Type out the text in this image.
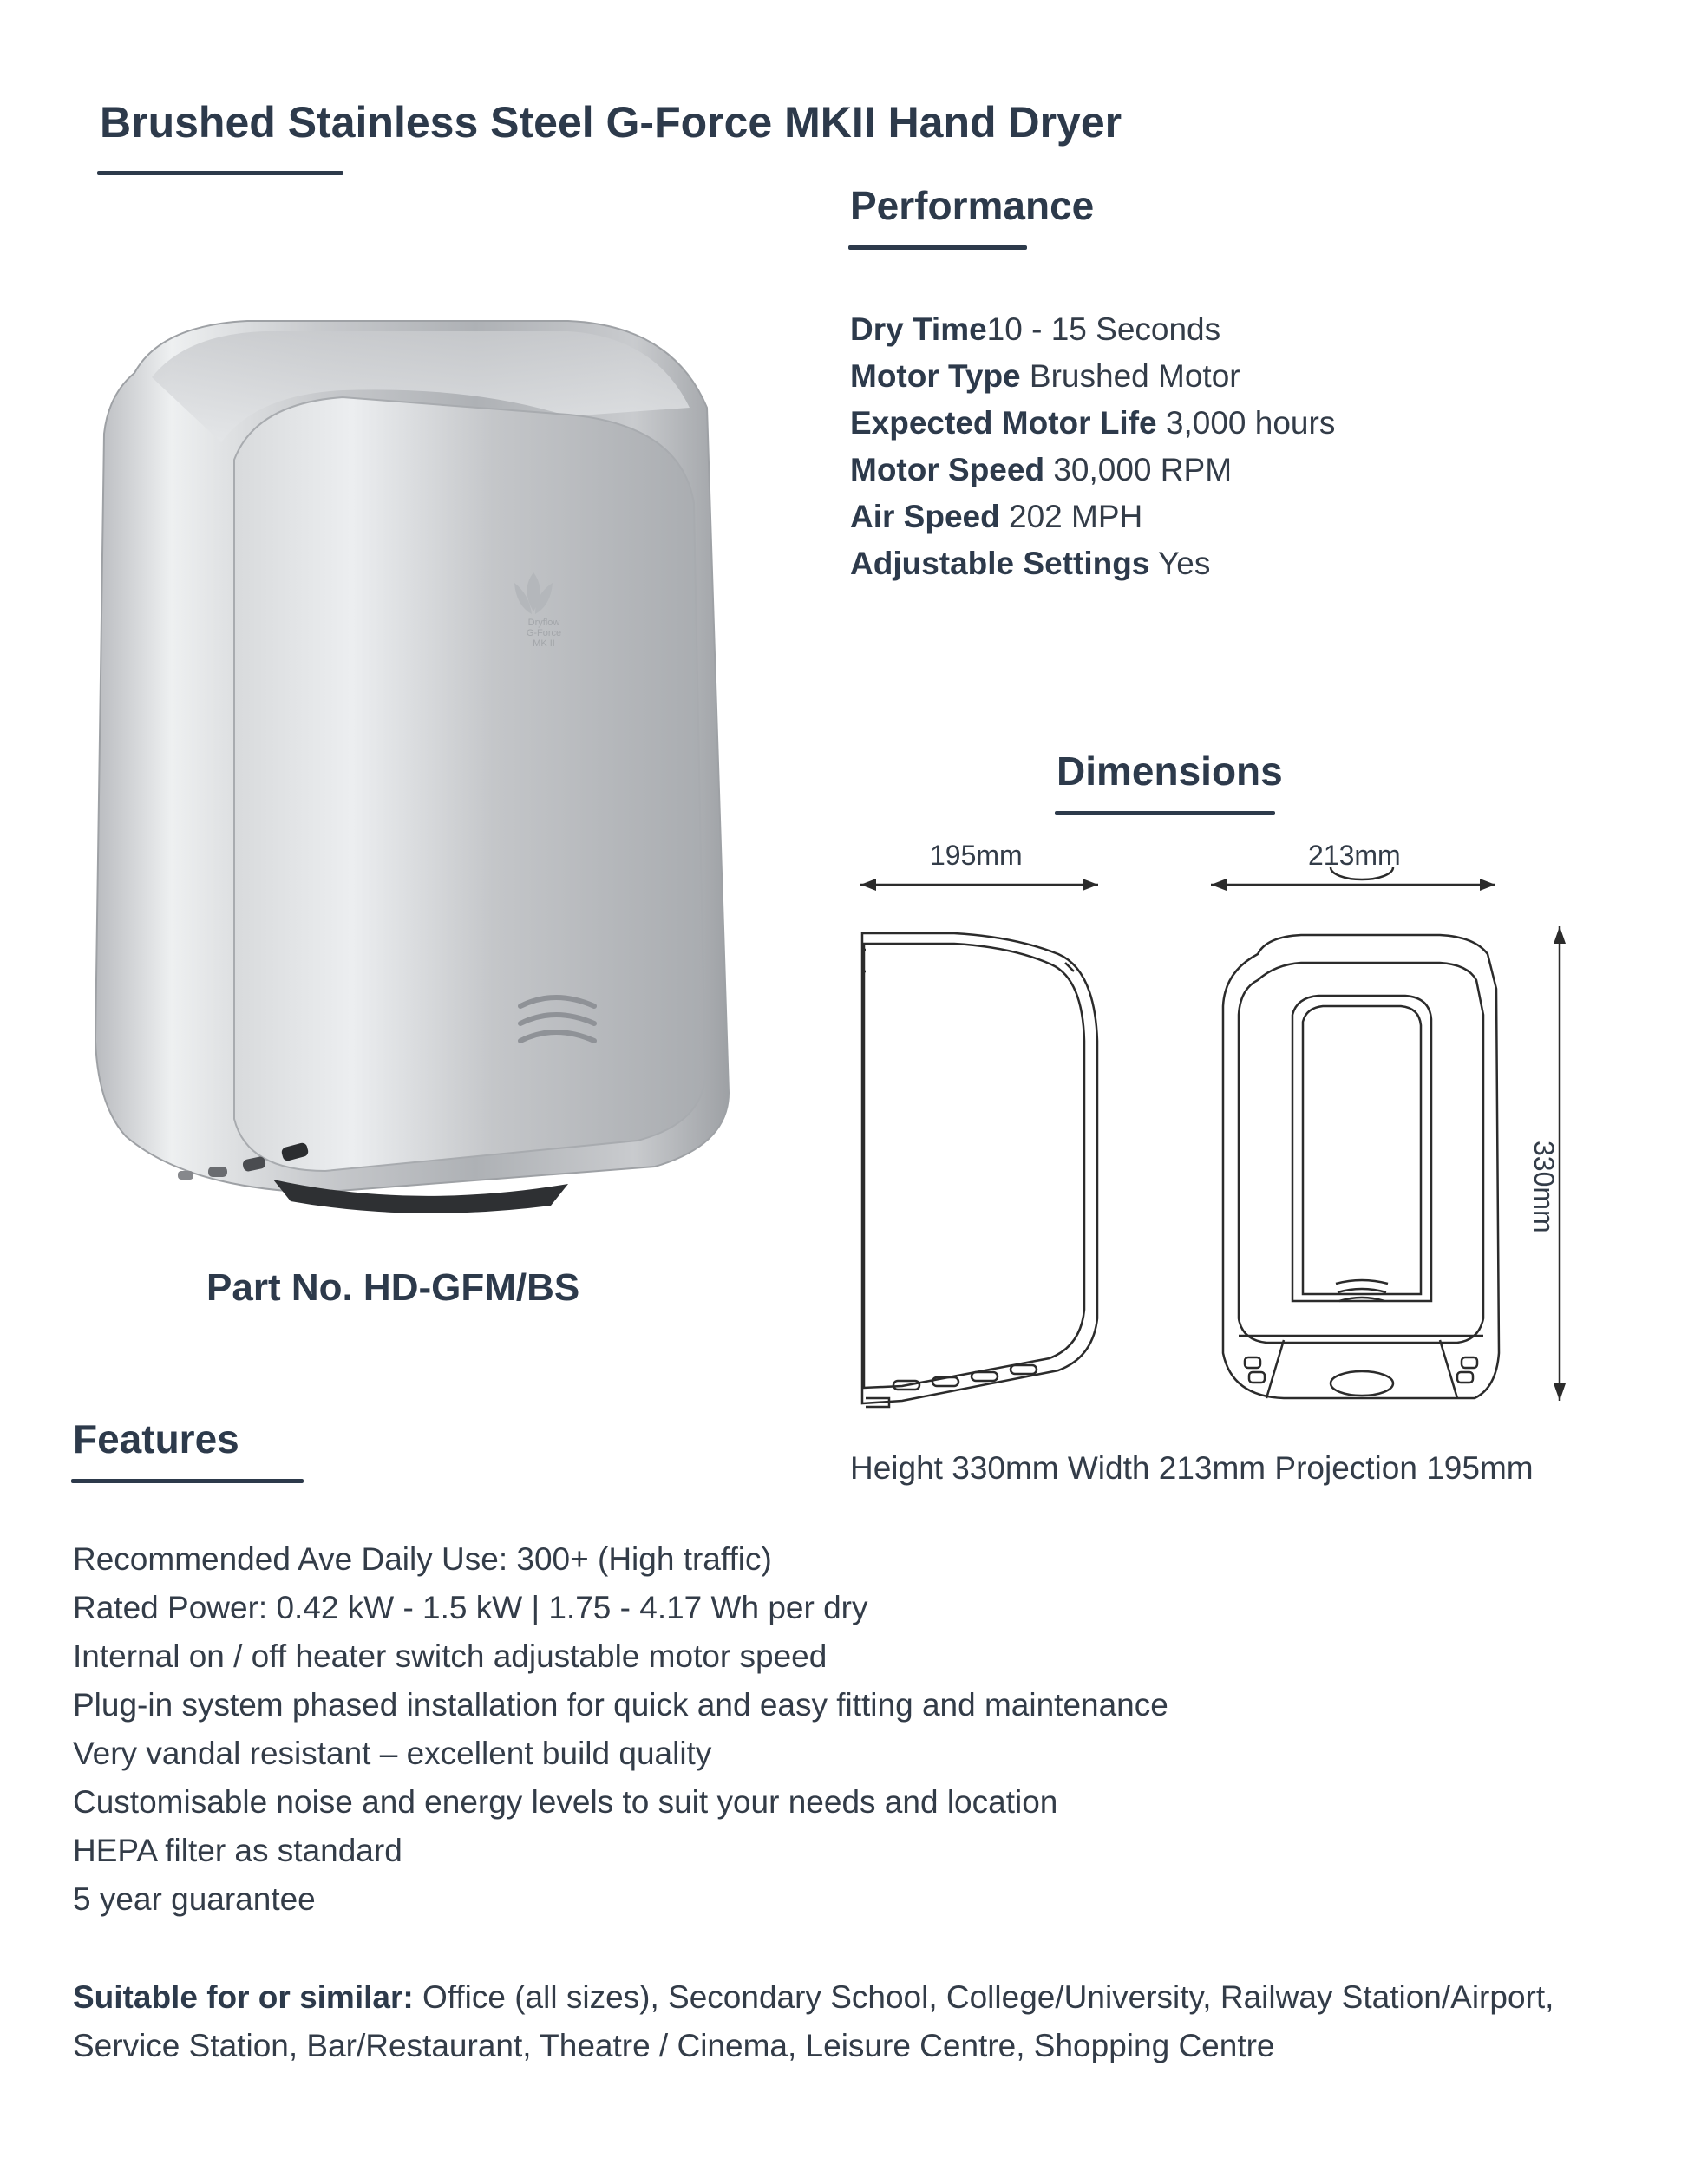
Brushed Stainless Steel G-Force MKII Hand Dryer
Dryflow
G-Force
MK II
Part No. HD-GFM/BS
Performance
Dry Time10 - 15 Seconds
Motor Type Brushed Motor
Expected Motor Life 3,000 hours
Motor Speed 30,000 RPM
Air Speed 202 MPH
Adjustable Settings Yes
Dimensions
195mm	213mm
330mm
Height 330mm Width 213mm Projection 195mm
Features
Recommended Ave Daily Use: 300+ (High traffic)
Rated Power: 0.42 kW - 1.5 kW | 1.75 - 4.17 Wh per dry
Internal on / off heater switch adjustable motor speed
Plug-in system phased installation for quick and easy fitting and maintenance
Very vandal resistant – excellent build quality
Customisable noise and energy levels to suit your needs and location
HEPA filter as standard
5 year guarantee
Suitable for or similar: Office (all sizes), Secondary School, College/University, Railway Station/Airport,
Service Station, Bar/Restaurant, Theatre / Cinema, Leisure Centre, Shopping Centre
